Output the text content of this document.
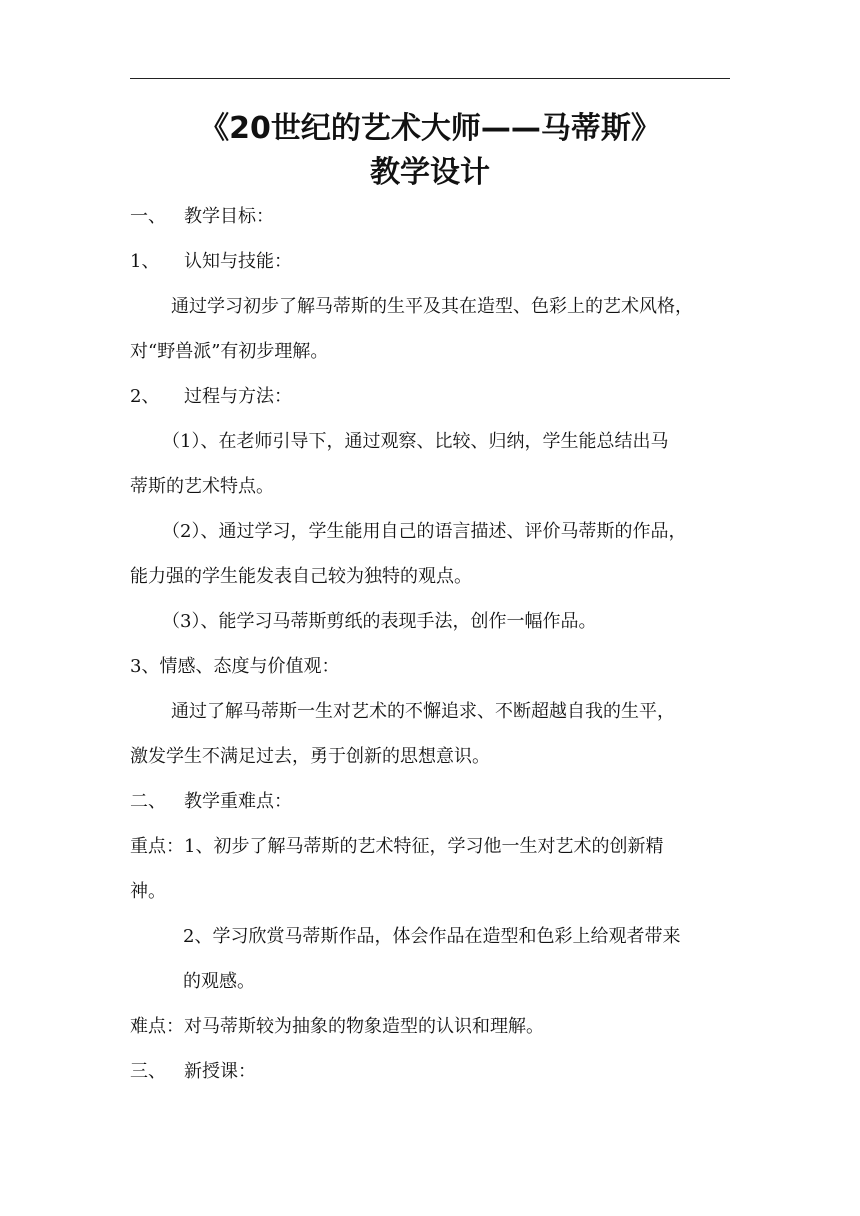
《20世纪的艺术大师——马蒂斯》
教学设计
一、 教学目标：
1、 认知与技能：
通过学习初步了解马蒂斯的生平及其在造型、色彩上的艺术风格，
对“野兽派”有初步理解。
2、 过程与方法：
（1）、在老师引导下，通过观察、比较、归纳，学生能总结出马
蒂斯的艺术特点。
（2）、通过学习，学生能用自己的语言描述、评价马蒂斯的作品，
能力强的学生能发表自己较为独特的观点。
（3）、能学习马蒂斯剪纸的表现手法，创作一幅作品。
3、情感、态度与价值观：
通过了解马蒂斯一生对艺术的不懈追求、不断超越自我的生平，
激发学生不满足过去，勇于创新的思想意识。
二、 教学重难点：
重点：1、初步了解马蒂斯的艺术特征，学习他一生对艺术的创新精
神。
2、学习欣赏马蒂斯作品，体会作品在造型和色彩上给观者带来
的观感。
难点：对马蒂斯较为抽象的物象造型的认识和理解。
三、 新授课：
